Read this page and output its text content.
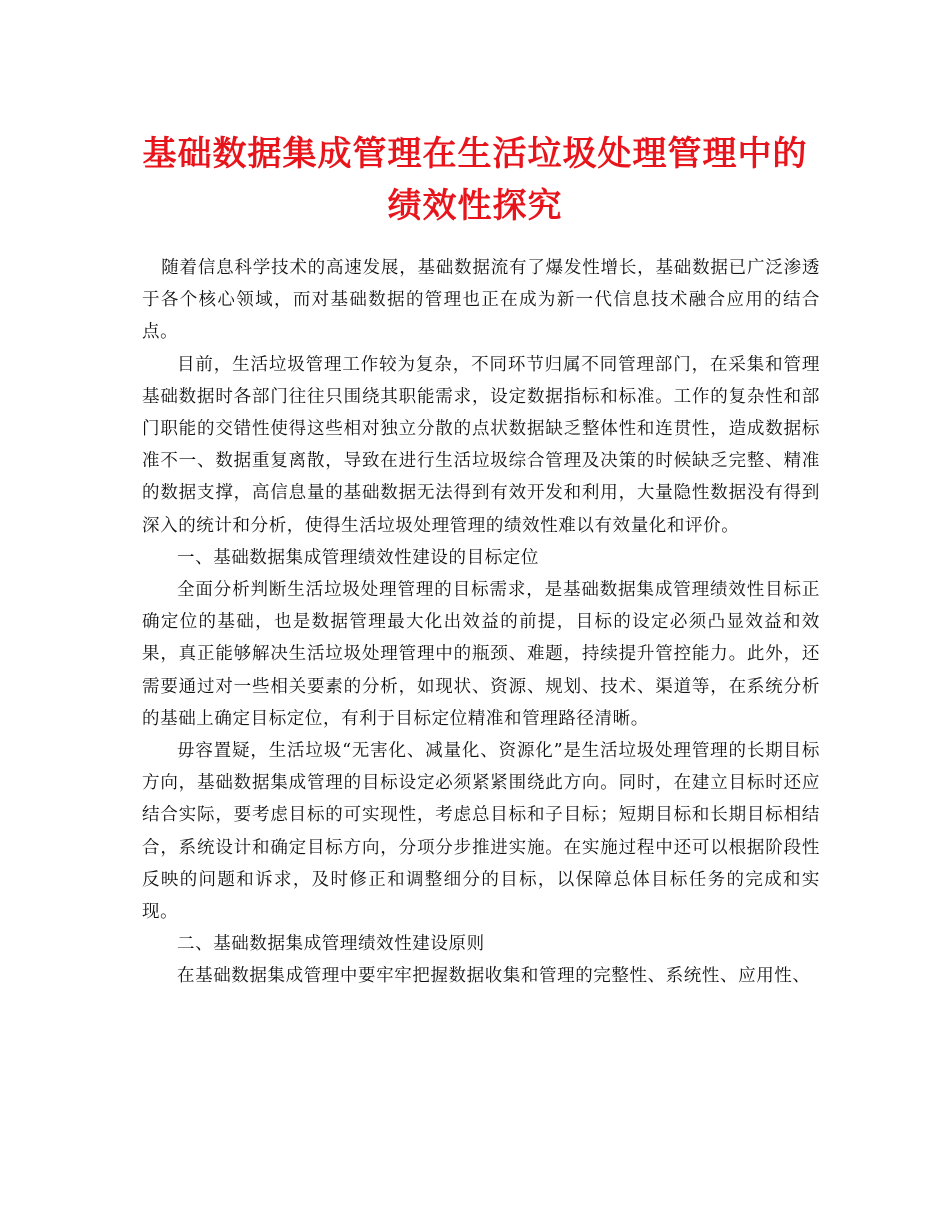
基础数据集成管理在生活垃圾处理管理中的
绩效性探究

随着信息科学技术的高速发展，基础数据流有了爆发性增长，基础数据已广泛渗透于各个核心领域，而对基础数据的管理也正在成为新一代信息技术融合应用的结合点。

目前，生活垃圾管理工作较为复杂，不同环节归属不同管理部门，在采集和管理基础数据时各部门往往只围绕其职能需求，设定数据指标和标准。工作的复杂性和部门职能的交错性使得这些相对独立分散的点状数据缺乏整体性和连贯性，造成数据标准不一、数据重复离散，导致在进行生活垃圾综合管理及决策的时候缺乏完整、精准的数据支撑，高信息量的基础数据无法得到有效开发和利用，大量隐性数据没有得到深入的统计和分析，使得生活垃圾处理管理的绩效性难以有效量化和评价。

一、基础数据集成管理绩效性建设的目标定位

全面分析判断生活垃圾处理管理的目标需求，是基础数据集成管理绩效性目标正确定位的基础，也是数据管理最大化出效益的前提，目标的设定必须凸显效益和效果，真正能够解决生活垃圾处理管理中的瓶颈、难题，持续提升管控能力。此外，还需要通过对一些相关要素的分析，如现状、资源、规划、技术、渠道等，在系统分析的基础上确定目标定位，有利于目标定位精准和管理路径清晰。

毋容置疑，生活垃圾“无害化、减量化、资源化”是生活垃圾处理管理的长期目标方向，基础数据集成管理的目标设定必须紧紧围绕此方向。同时，在建立目标时还应结合实际，要考虑目标的可实现性，考虑总目标和子目标；短期目标和长期目标相结合，系统设计和确定目标方向，分项分步推进实施。在实施过程中还可以根据阶段性反映的问题和诉求，及时修正和调整细分的目标，以保障总体目标任务的完成和实现。

二、基础数据集成管理绩效性建设原则

在基础数据集成管理中要牢牢把握数据收集和管理的完整性、系统性、应用性、
